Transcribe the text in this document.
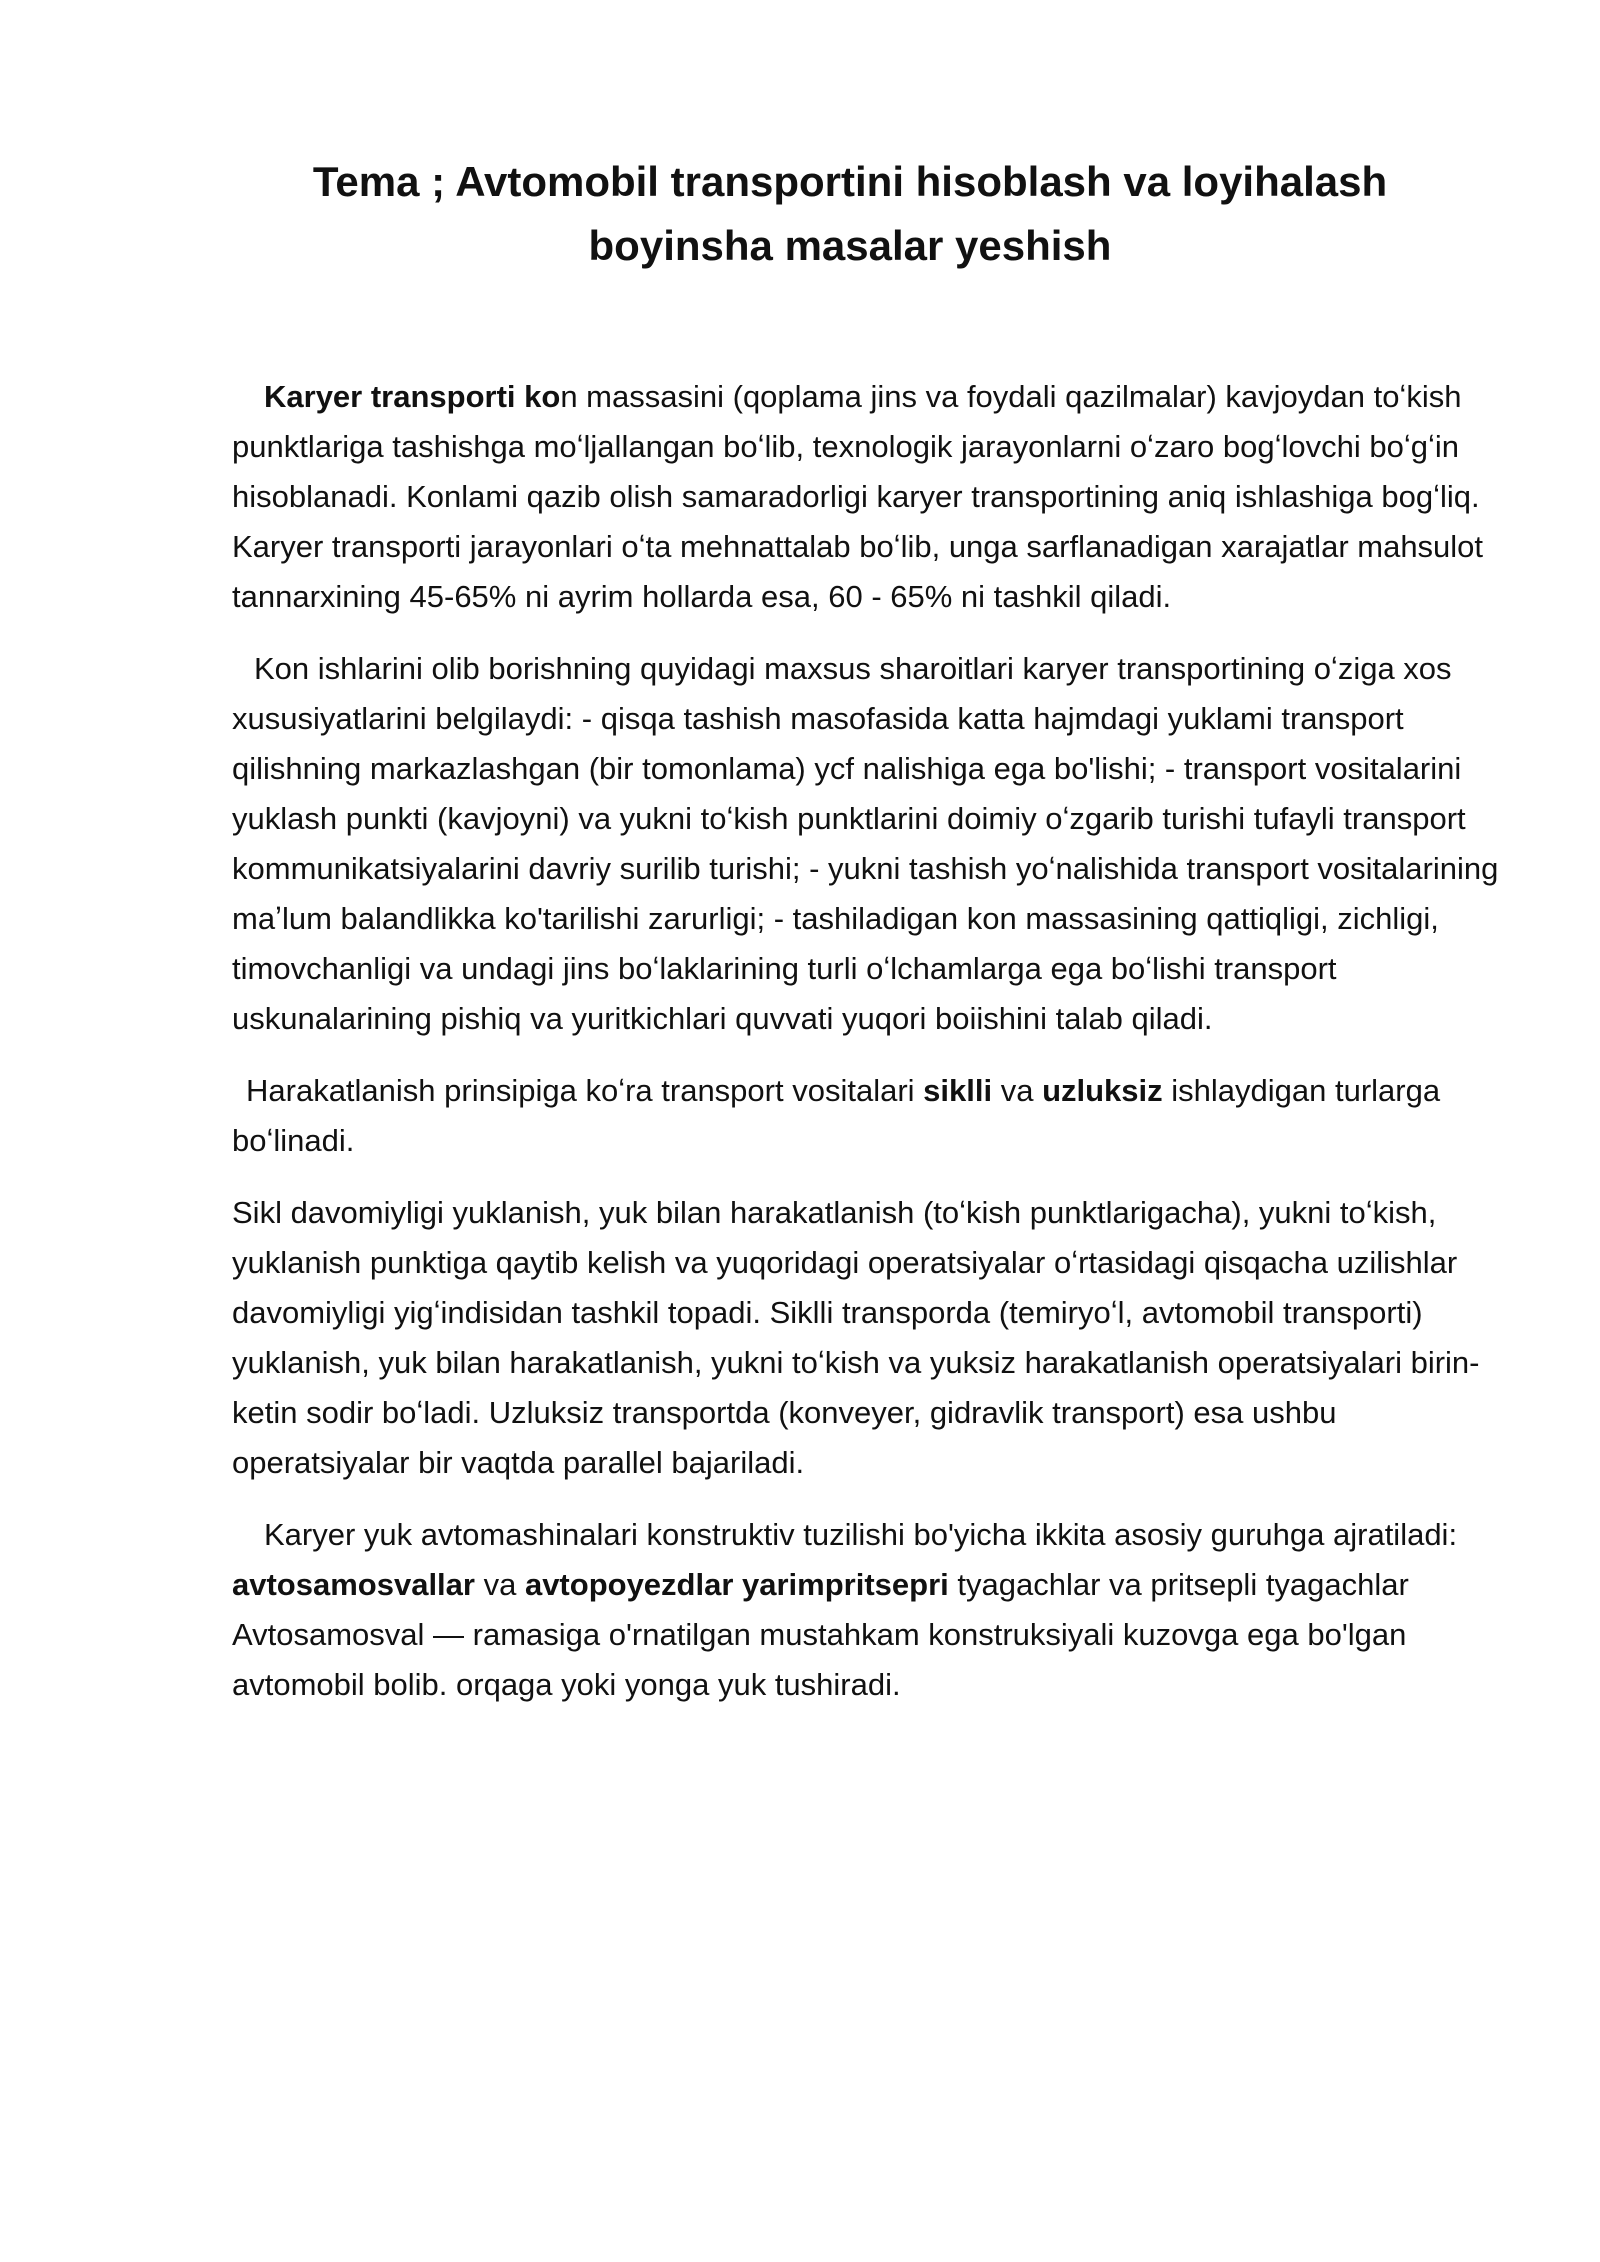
Tema ; Avtomobil transportini hisoblash va loyihalash
boyinsha masalar yeshish

Karyer transporti kon massasini (qoplama jins va foydali qazilmalar) kavjoydan toʻkish punktlariga tashishga moʻljallangan boʻlib, texnologik jarayonlarni oʻzaro bogʻlovchi boʻgʻin hisoblanadi. Konlami qazib olish samaradorligi karyer transportining aniq ishlashiga bogʻliq. Karyer transporti jarayonlari oʻta mehnattalab boʻlib, unga sarflanadigan xarajatlar mahsulot tannarxining 45-65% ni ayrim hollarda esa, 60 - 65% ni tashkil qiladi.

Kon ishlarini olib borishning quyidagi maxsus sharoitlari karyer transportining oʻziga xos xususiyatlarini belgilaydi: - qisqa tashish masofasida katta hajmdagi yuklami transport qilishning markazlashgan (bir tomonlama) ycf nalishiga ega bo'lishi; - transport vositalarini yuklash punkti (kavjoyni) va yukni toʻkish punktlarini doimiy oʻzgarib turishi tufayli transport kommunikatsiyalarini davriy surilib turishi; - yukni tashish yoʻnalishida transport vositalarining maʼlum balandlikka ko'tarilishi zarurligi; - tashiladigan kon massasining qattiqligi, zichligi, timovchanligi va undagi jins boʻlaklarining turli oʻlchamlarga ega boʻlishi transport uskunalarining pishiq va yuritkichlari quvvati yuqori boiishini talab qiladi.

Harakatlanish prinsipiga koʻra transport vositalari siklli va uzluksiz ishlaydigan turlarga boʻlinadi.

Sikl davomiyligi yuklanish, yuk bilan harakatlanish (toʻkish punktlarigacha), yukni toʻkish, yuklanish punktiga qaytib kelish va yuqoridagi operatsiyalar oʻrtasidagi qisqacha uzilishlar davomiyligi yigʻindisidan tashkil topadi. Siklli transporda (temiryoʻl, avtomobil transporti) yuklanish, yuk bilan harakatlanish, yukni toʻkish va yuksiz harakatlanish operatsiyalari birin-ketin sodir boʻladi. Uzluksiz transportda (konveyer, gidravlik transport) esa ushbu operatsiyalar bir vaqtda parallel bajariladi.

Karyer yuk avtomashinalari konstruktiv tuzilishi bo'yicha ikkita asosiy guruhga ajratiladi: avtosamosvallar va avtopoyezdlar yarimpritsepri tyagachlar va pritsepli tyagachlar Avtosamosval — ramasiga o'rnatilgan mustahkam konstruksiyali kuzovga ega bo'lgan avtomobil bolib. orqaga yoki yonga yuk tushiradi.
